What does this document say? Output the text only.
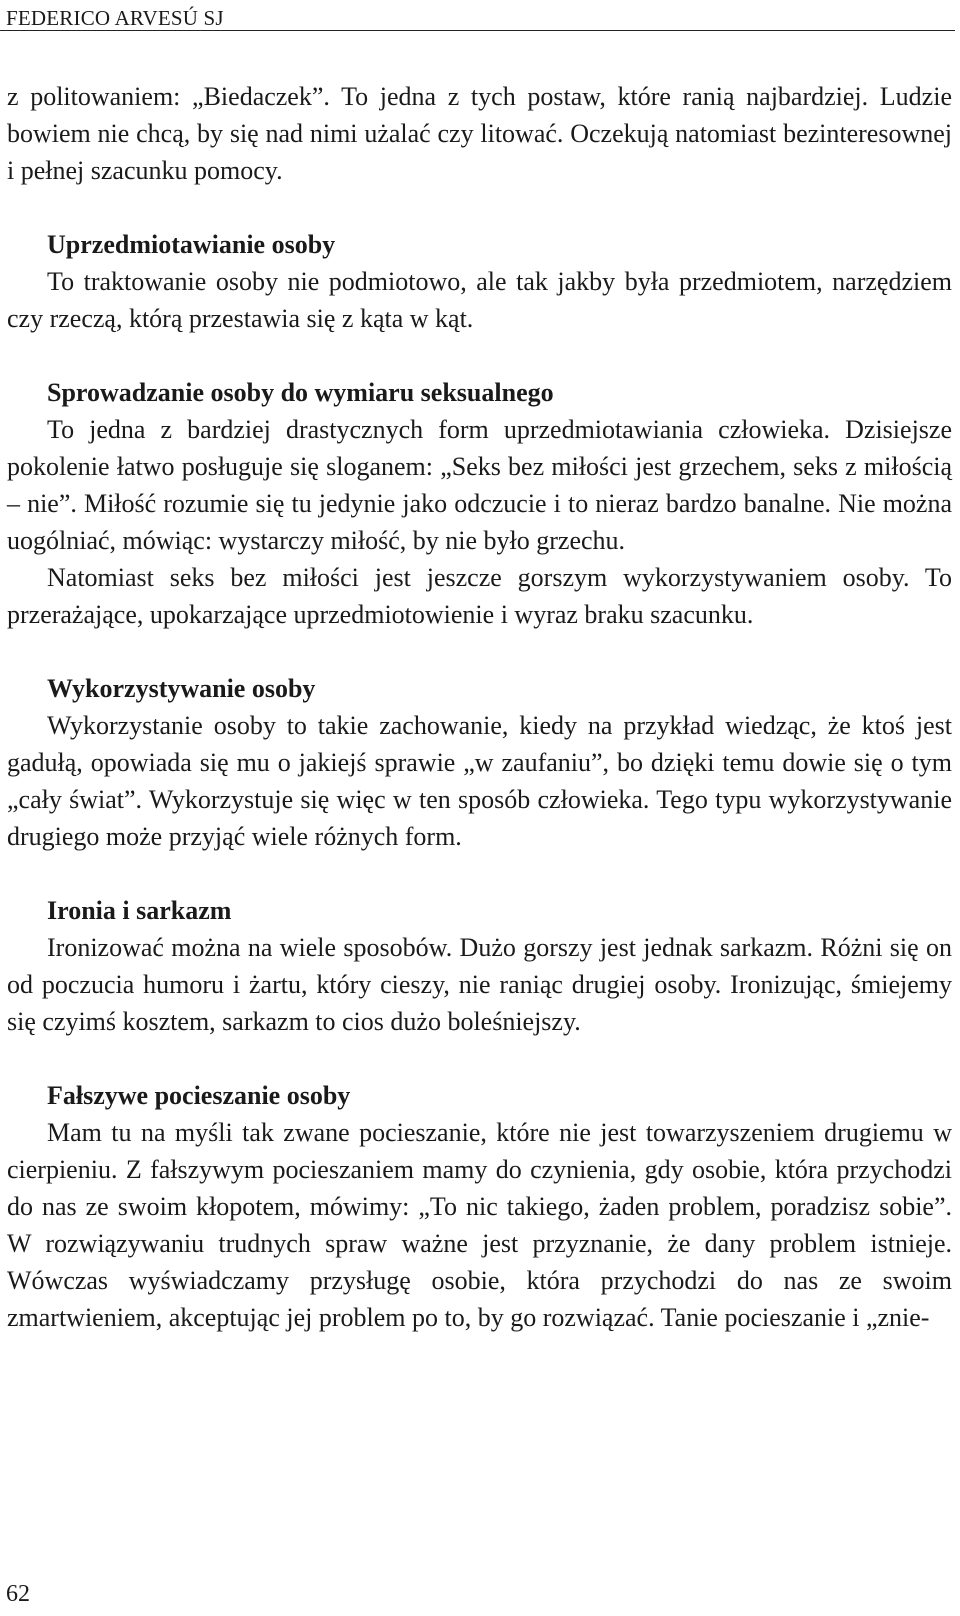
FEDERICO ARVESÚ SJ

z politowaniem: „Biedaczek”. To jedna z tych postaw, które ranią najbardziej. Ludzie bowiem nie chcą, by się nad nimi użalać czy litować. Oczekują natomiast bezinteresownej i pełnej szacunku pomocy.

Uprzedmiotawianie osoby

To traktowanie osoby nie podmiotowo, ale tak jakby była przedmiotem, narzędziem czy rzeczą, którą przestawia się z kąta w kąt.

Sprowadzanie osoby do wymiaru seksualnego

To jedna z bardziej drastycznych form uprzedmiotawiania człowieka. Dzisiejsze pokolenie łatwo posługuje się sloganem: „Seks bez miłości jest grzechem, seks z miłością – nie”. Miłość rozumie się tu jedynie jako odczucie i to nieraz bardzo banalne. Nie można uogólniać, mówiąc: wystarczy miłość, by nie było grzechu.

Natomiast seks bez miłości jest jeszcze gorszym wykorzystywaniem osoby. To przerażające, upokarzające uprzedmiotowienie i wyraz braku szacunku.

Wykorzystywanie osoby

Wykorzystanie osoby to takie zachowanie, kiedy na przykład wiedząc, że ktoś jest gadułą, opowiada się mu o jakiejś sprawie „w zaufaniu”, bo dzięki temu dowie się o tym „cały świat”. Wykorzystuje się więc w ten sposób człowieka. Tego typu wykorzystywanie drugiego może przyjąć wiele różnych form.

Ironia i sarkazm

Ironizować można na wiele sposobów. Dużo gorszy jest jednak sarkazm. Różni się on od poczucia humoru i żartu, który cieszy, nie raniąc drugiej osoby. Ironizując, śmiejemy się czyimś kosztem, sarkazm to cios dużo boleśniejszy.

Fałszywe pocieszanie osoby

Mam tu na myśli tak zwane pocieszanie, które nie jest towarzyszeniem drugiemu w cierpieniu. Z fałszywym pocieszaniem mamy do czynienia, gdy osobie, która przychodzi do nas ze swoim kłopotem, mówimy: „To nic takiego, żaden problem, poradzisz sobie”. W rozwiązywaniu trudnych spraw ważne jest przyznanie, że dany problem istnieje. Wówczas wyświadczamy przysługę osobie, która przychodzi do nas ze swoim zmartwieniem, akceptując jej problem po to, by go rozwiązać. Tanie pocieszanie i „znie-

62
